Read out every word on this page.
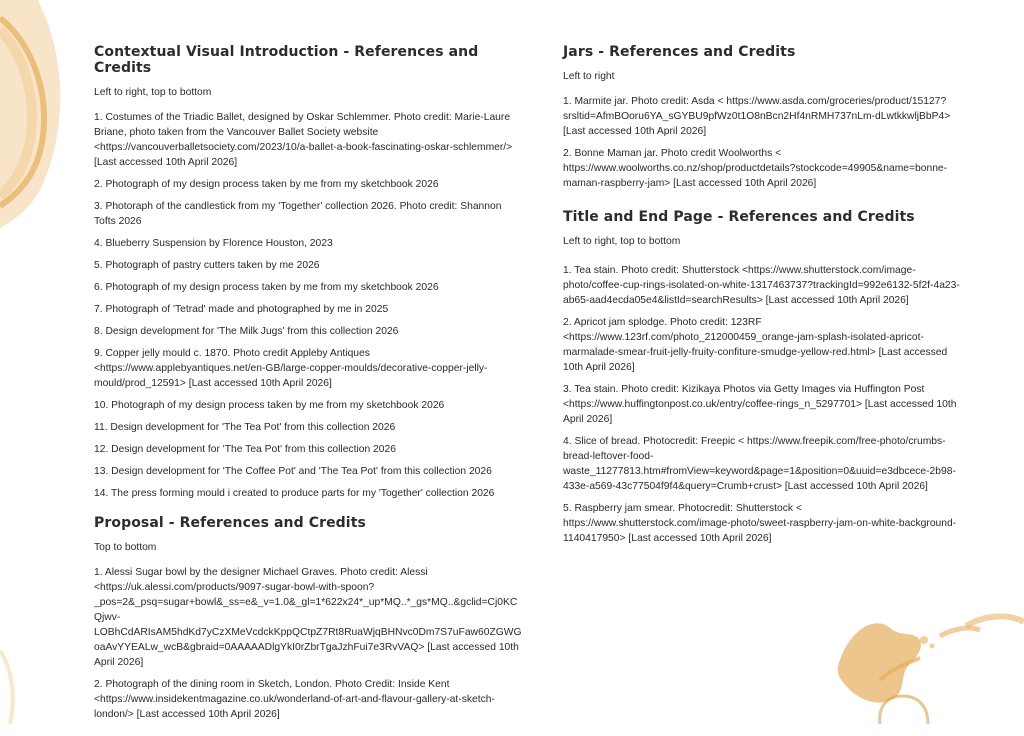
Contextual Visual Introduction - References and Credits

Left to right, top to bottom

1. Costumes of the Triadic Ballet, designed by Oskar Schlemmer. Photo credit: Marie-Laure Briane, photo taken from the Vancouver Ballet Society website <https://vancouverballetsociety.com/2023/10/a-ballet-a-book-fascinating-oskar-schlemmer/> [Last accessed 10th April 2026]

2. Photograph of my design process taken by me from my sketchbook 2026

3. Photoraph of the candlestick from my 'Together' collection 2026. Photo credit: Shannon Tofts 2026

4. Blueberry Suspension by Florence Houston, 2023

5. Photograph of pastry cutters taken by me 2026

6. Photograph of my design process taken by me from my sketchbook 2026

7. Photograph of 'Tetrad' made and photographed by me in 2025

8. Design development for 'The Milk Jugs' from this collection 2026

9. Copper jelly mould c. 1870. Photo credit Appleby Antiques <https://www.applebyantiques.net/en-GB/large-copper-moulds/decorative-copper-jelly-mould/prod_12591> [Last accessed 10th April 2026]

10. Photograph of my design process taken by me from my sketchbook 2026

11. Design development for 'The Tea Pot' from this collection 2026

12. Design development for 'The Tea Pot' from this collection 2026

13. Design development for 'The Coffee Pot' and 'The Tea Pot' from this collection 2026

14. The press forming mould i created to produce parts for my 'Together' collection 2026

Proposal - References and Credits

Top to bottom

1. Alessi Sugar bowl by the designer Michael Graves. Photo credit: Alessi <https://uk.alessi.com/products/9097-sugar-bowl-with-spoon?_pos=2&_psq=sugar+bowl&_ss=e&_v=1.0&_gl=1*622x24*_up*MQ..*_gs*MQ..&gclid=Cj0KCQjwv-LOBhCdARIsAM5hdKd7yCzXMeVcdckKppQCtpZ7Rt8RuaWjqBHNvc0Dm7S7uFaw60ZGWGoaAvYYEALw_wcB&gbraid=0AAAAADlgYkI0rZbrTgaJzhFui7e3RvVAQ> [Last accessed 10th April 2026]

2. Photograph of the dining room in Sketch, London. Photo Credit: Inside Kent <https://www.insidekentmagazine.co.uk/wonderland-of-art-and-flavour-gallery-at-sketch-london/> [Last accessed 10th April 2026]

Jars - References and Credits

Left to right

1. Marmite jar. Photo credit: Asda < https://www.asda.com/groceries/product/15127?srsltid=AfmBOoru6YA_sGYBU9pfWz0t1O8nBcn2Hf4nRMH737nLm-dLwtkkwljBbP4> [Last accessed 10th April 2026]

2. Bonne Maman jar. Photo credit Woolworths < https://www.woolworths.co.nz/shop/productdetails?stockcode=49905&name=bonne-maman-raspberry-jam> [Last accessed 10th April 2026]

Title and End Page - References and Credits

Left to right, top to bottom

1. Tea stain. Photo credit: Shutterstock <https://www.shutterstock.com/image-photo/coffee-cup-rings-isolated-on-white-1317463737?trackingId=992e6132-5f2f-4a23-ab65-aad4ecda05e4&listId=searchResults> [Last accessed 10th April 2026]

2. Apricot jam splodge. Photo credit: 123RF <https://www.123rf.com/photo_212000459_orange-jam-splash-isolated-apricot-marmalade-smear-fruit-jelly-fruity-confiture-smudge-yellow-red.html> [Last accessed 10th April 2026]

3. Tea stain. Photo credit: Kizikaya Photos via Getty Images via Huffington Post <https://www.huffingtonpost.co.uk/entry/coffee-rings_n_5297701> [Last accessed 10th April 2026]

4. Slice of bread. Photocredit: Freepic < https://www.freepik.com/free-photo/crumbs-bread-leftover-food-waste_11277813.htm#fromView=keyword&page=1&position=0&uuid=e3dbcece-2b98-433e-a569-43c77504f9f4&query=Crumb+crust> [Last accessed 10th April 2026]

5. Raspberry jam smear. Photocredit: Shutterstock < https://www.shutterstock.com/image-photo/sweet-raspberry-jam-on-white-background-1140417950> [Last accessed 10th April 2026]
